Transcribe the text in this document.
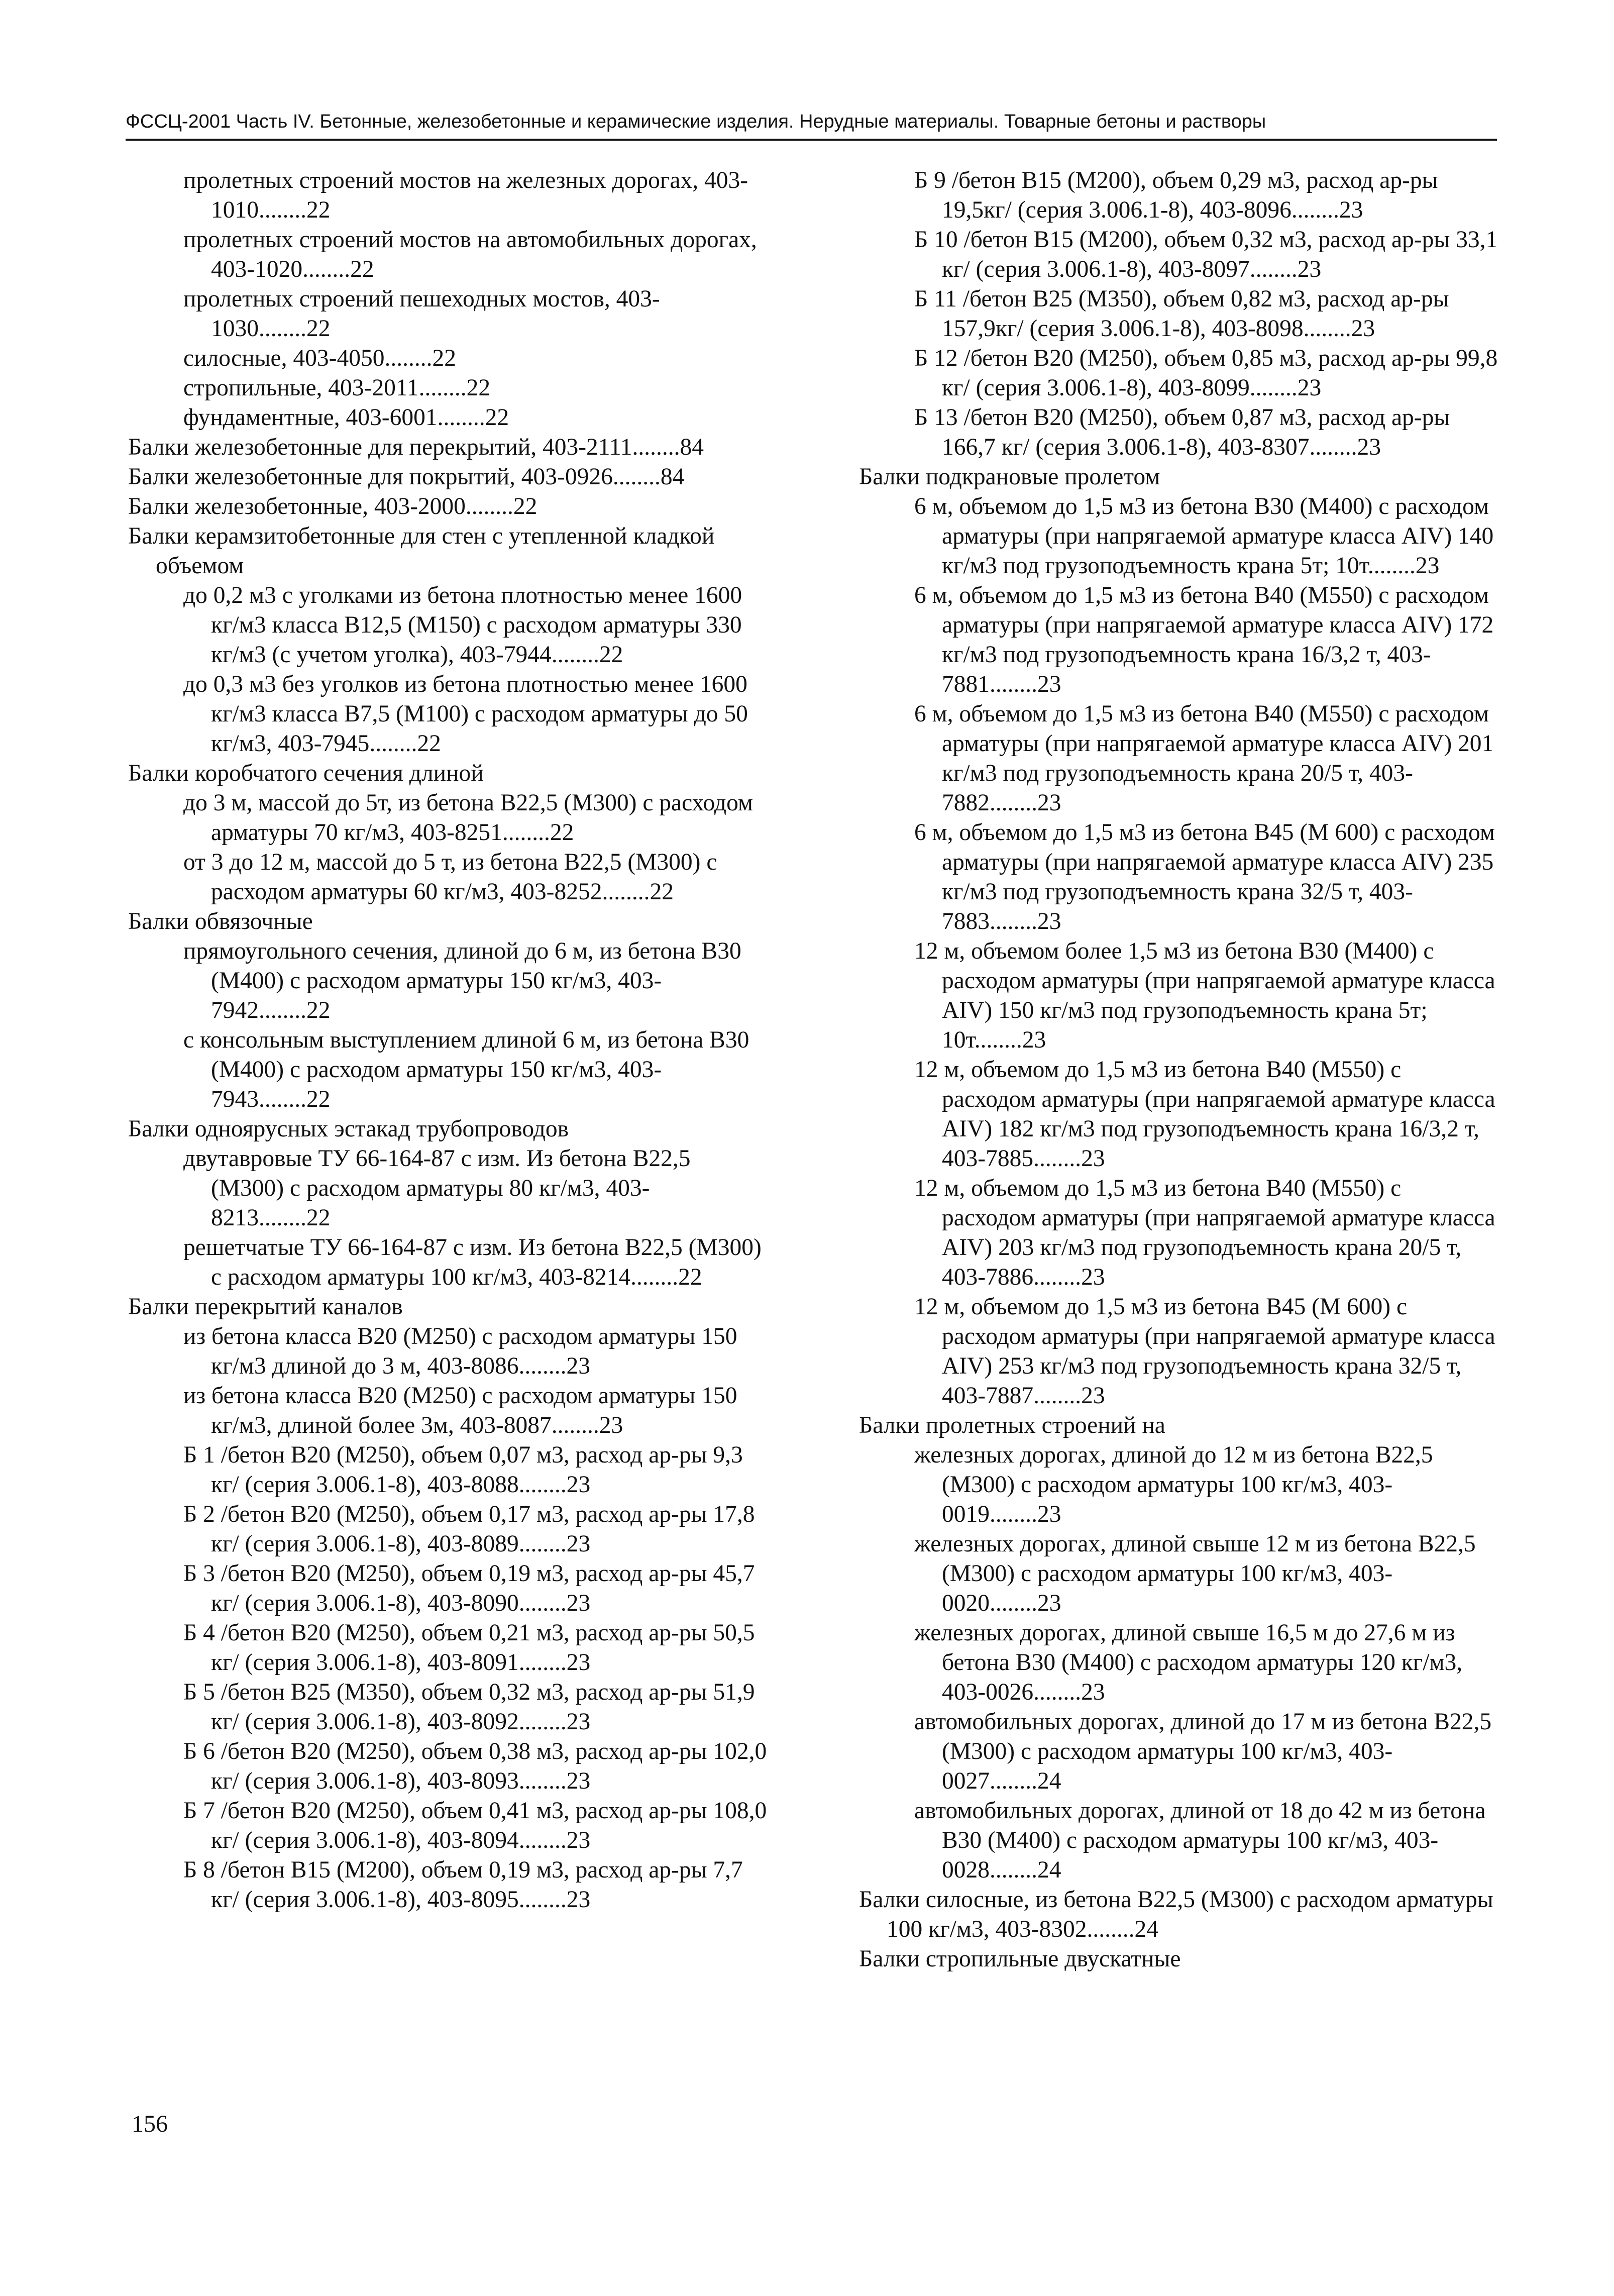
ФССЦ-2001 Часть IV. Бетонные, железобетонные и керамические изделия. Нерудные материалы. Товарные бетоны и растворы
пролетных строений мостов на железных дорогах, 403-1010........22
пролетных строений мостов на автомобильных дорогах, 403-1020........22
пролетных строений пешеходных мостов, 403-1030........22
силосные, 403-4050........22
стропильные, 403-2011........22
фундаментные, 403-6001........22
Балки железобетонные для перекрытий, 403-2111........84
Балки железобетонные для покрытий, 403-0926........84
Балки железобетонные, 403-2000........22
Балки керамзитобетонные для стен с утепленной кладкой объемом
до 0,2 м3 с уголками из бетона плотностью менее 1600 кг/м3 класса В12,5 (М150) с расходом арматуры 330 кг/м3 (с учетом уголка), 403-7944........22
до 0,3 м3 без уголков из бетона плотностью менее 1600 кг/м3 класса В7,5 (М100) с расходом арматуры до 50 кг/м3, 403-7945........22
Балки коробчатого сечения длиной
до 3 м, массой до 5т, из бетона В22,5 (М300) с расходом арматуры 70 кг/м3, 403-8251........22
от 3 до 12 м, массой до 5 т, из бетона В22,5 (М300) с расходом арматуры 60 кг/м3, 403-8252........22
Балки обвязочные
прямоугольного сечения, длиной до 6 м, из бетона В30 (М400) с расходом арматуры 150 кг/м3, 403-7942........22
с консольным выступлением длиной 6 м, из бетона В30 (М400) с расходом арматуры 150 кг/м3, 403-7943........22
Балки одноярусных эстакад трубопроводов
двутавровые ТУ 66-164-87 с изм. Из бетона В22,5 (М300) с расходом арматуры 80 кг/м3, 403-8213........22
решетчатые ТУ 66-164-87 с изм. Из бетона В22,5 (М300) с расходом арматуры 100 кг/м3, 403-8214........22
Балки перекрытий каналов
из бетона класса В20 (М250) с расходом арматуры 150 кг/м3 длиной до 3 м, 403-8086........23
из бетона класса В20 (М250) с расходом арматуры 150 кг/м3, длиной более 3м, 403-8087........23
Б 1 /бетон В20 (М250), объем 0,07 м3, расход ар-ры 9,3 кг/ (серия 3.006.1-8), 403-8088........23
Б 2 /бетон В20 (М250), объем 0,17 м3, расход ар-ры 17,8 кг/ (серия 3.006.1-8), 403-8089........23
Б 3 /бетон В20 (М250), объем 0,19 м3, расход ар-ры 45,7 кг/ (серия 3.006.1-8), 403-8090........23
Б 4 /бетон В20 (М250), объем 0,21 м3, расход ар-ры 50,5 кг/ (серия 3.006.1-8), 403-8091........23
Б 5 /бетон В25 (М350), объем 0,32 м3, расход ар-ры 51,9 кг/ (серия 3.006.1-8), 403-8092........23
Б 6 /бетон В20 (М250), объем 0,38 м3, расход ар-ры 102,0 кг/ (серия 3.006.1-8), 403-8093........23
Б 7 /бетон В20 (М250), объем 0,41 м3, расход ар-ры 108,0 кг/ (серия 3.006.1-8), 403-8094........23
Б 8 /бетон В15 (М200), объем 0,19 м3, расход ар-ры 7,7 кг/ (серия 3.006.1-8), 403-8095........23
Б 9 /бетон В15 (М200), объем 0,29 м3, расход ар-ры 19,5кг/ (серия 3.006.1-8), 403-8096........23
Б 10 /бетон В15 (М200), объем 0,32 м3, расход ар-ры 33,1 кг/ (серия 3.006.1-8), 403-8097........23
Б 11 /бетон В25 (М350), объем 0,82 м3, расход ар-ры 157,9кг/ (серия 3.006.1-8), 403-8098........23
Б 12 /бетон В20 (М250), объем 0,85 м3, расход ар-ры 99,8 кг/ (серия 3.006.1-8), 403-8099........23
Б 13 /бетон В20 (М250), объем 0,87 м3, расход ар-ры 166,7 кг/ (серия 3.006.1-8), 403-8307........23
Балки подкрановые пролетом
6 м, объемом до 1,5 м3 из бетона В30 (М400) с расходом арматуры (при напрягаемой арматуре класса AIV) 140 кг/м3 под грузоподъемность крана 5т; 10т........23
6 м, объемом до 1,5 м3 из бетона В40 (М550) с расходом арматуры (при напрягаемой арматуре класса AIV) 172 кг/м3 под грузоподъемность крана 16/3,2 т, 403-7881........23
6 м, объемом до 1,5 м3 из бетона В40 (М550) с расходом арматуры (при напрягаемой арматуре класса AIV) 201 кг/м3 под грузоподъемность крана 20/5 т, 403-7882........23
6 м, объемом до 1,5 м3 из бетона В45 (М 600) с расходом арматуры (при напрягаемой арматуре класса AIV) 235 кг/м3 под грузоподъемность крана 32/5 т, 403-7883........23
12 м, объемом более 1,5 м3 из бетона В30 (М400) с расходом арматуры (при напрягаемой арматуре класса AIV) 150 кг/м3 под грузоподъемность крана 5т; 10т........23
12 м, объемом до 1,5 м3 из бетона В40 (М550) с расходом арматуры (при напрягаемой арматуре класса AIV) 182 кг/м3 под грузоподъемность крана 16/3,2 т, 403-7885........23
12 м, объемом до 1,5 м3 из бетона В40 (М550) с расходом арматуры (при напрягаемой арматуре класса AIV) 203 кг/м3 под грузоподъемность крана 20/5 т, 403-7886........23
12 м, объемом до 1,5 м3 из бетона В45 (М 600) с расходом арматуры (при напрягаемой арматуре класса AIV) 253 кг/м3 под грузоподъемность крана 32/5 т, 403-7887........23
Балки пролетных строений на
железных дорогах, длиной до 12 м из бетона В22,5 (М300) с расходом арматуры 100 кг/м3, 403-0019........23
железных дорогах, длиной свыше 12 м из бетона В22,5 (М300) с расходом арматуры 100 кг/м3, 403-0020........23
железных дорогах, длиной свыше 16,5 м до 27,6 м из бетона В30 (М400) с расходом арматуры 120 кг/м3, 403-0026........23
автомобильных дорогах, длиной до 17 м из бетона В22,5 (М300) с расходом арматуры 100 кг/м3, 403-0027........24
автомобильных дорогах, длиной от 18 до 42 м из бетона В30 (М400) с расходом арматуры 100 кг/м3, 403-0028........24
Балки силосные, из бетона В22,5 (М300) с расходом арматуры 100 кг/м3, 403-8302........24
Балки стропильные двускатные
156
